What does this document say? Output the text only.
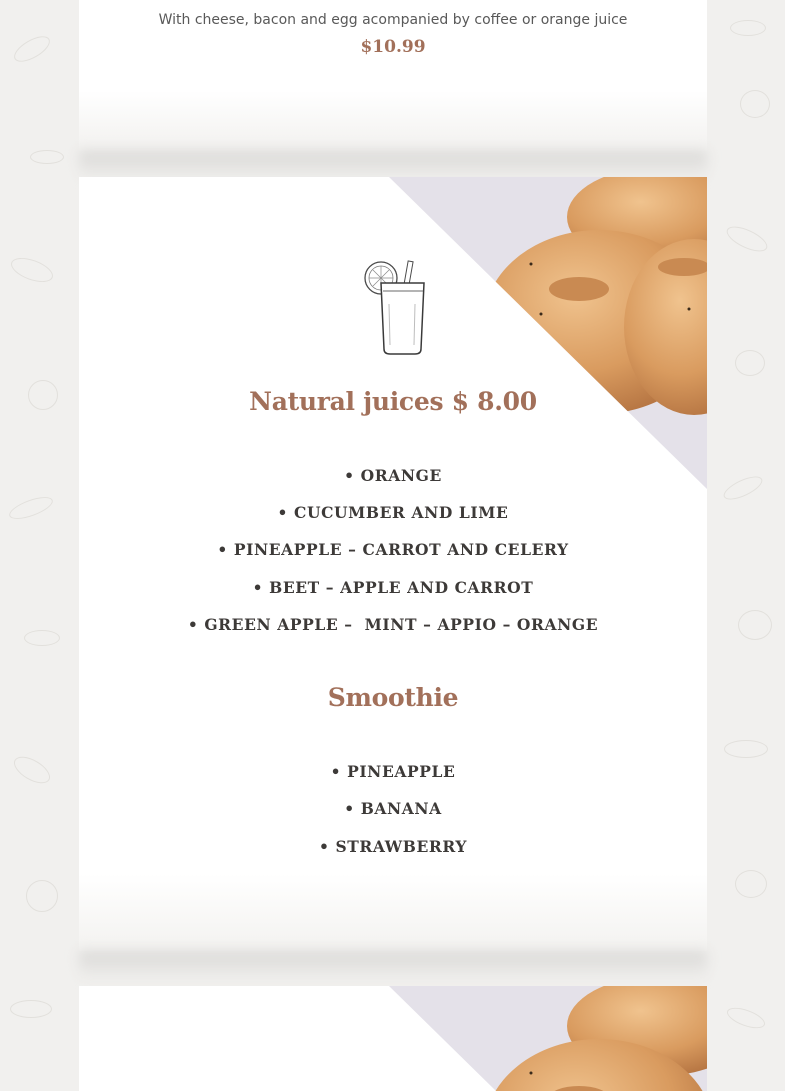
With cheese, bacon and egg acompanied by coffee or orange juice
$10.99
Natural juices $ 8.00
• ORANGE
• CUCUMBER AND LIME
• PINEAPPLE – CARROT AND CELERY
• BEET – APPLE AND CARROT
• GREEN APPLE –  MINT – APPIO – ORANGE
Smoothie
• PINEAPPLE
• BANANA
• STRAWBERRY
